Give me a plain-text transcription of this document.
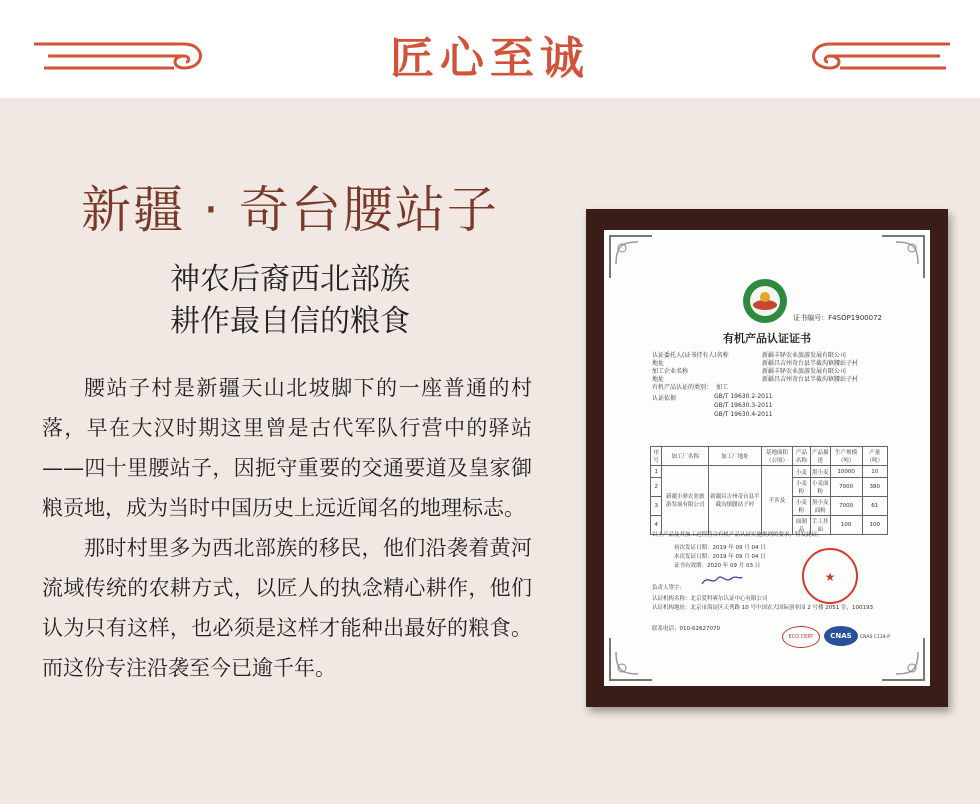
匠心至诚
新疆 · 奇台腰站子
神农后裔西北部族
耕作最自信的粮食

腰站子村是新疆天山北坡脚下的一座普通的村落，早在大汉时期这里曾是古代军队行营中的驿站——四十里腰站子，因扼守重要的交通要道及皇家御粮贡地，成为当时中国历史上远近闻名的地理标志。

那时村里多为西北部族的移民，他们沿袭着黄河流域传统的农耕方式，以匠人的执念精心耕作，他们认为只有这样，也必须是这样才能种出最好的粮食。而这份专注沿袭至今已逾千年。

证书编号：F4SOP1900072
有机产品认证证书
认证委托人(证书持有人)名称	新疆丰驿农业旅游发展有限公司
地址	新疆昌吉州奇台县半截沟镇腰站子村
加工企业名称	新疆丰驿农业旅游发展有限公司
地址	新疆昌吉州奇台县半截沟镇腰站子村
有机产品认证的类别： 加工
认证依据	GB/T 19630.2-2011
GB/T 19630.3-2011
GB/T 19630.4-2011
序号	加工厂名称	加工厂地址	基地面积（公顷）	产品名称	产品描述	生产规模（吨）	产量（吨）
1	新疆丰驿农业旅游发展有限公司	新疆昌吉州奇台县半截沟镇腰站子村	不涉及	小麦	黑小麦	10000	10
2				小麦粉	小麦面粉	7000	380
3				小麦粉	黑小麦面粉	7000	61
4				面制品	手工挂面	100	100
以上产品及其加工过程符合有机产品认证实施规则的要求，特发此证。
初次发证日期：2019 年 09 月 04 日
本次发证日期：2019 年 09 月 04 日
证书有效期：2020 年 09 月 03 日
★
负责人签字：
认证机构名称：北京爱科赛尔认证中心有限公司
认证机构地址：北京市海淀区天秀路 10 号中国农大国际创业园 2 号楼 2051 室，100193
联系电话：010-62627070
ECO CERT	CNAS	CNAS C134-P
